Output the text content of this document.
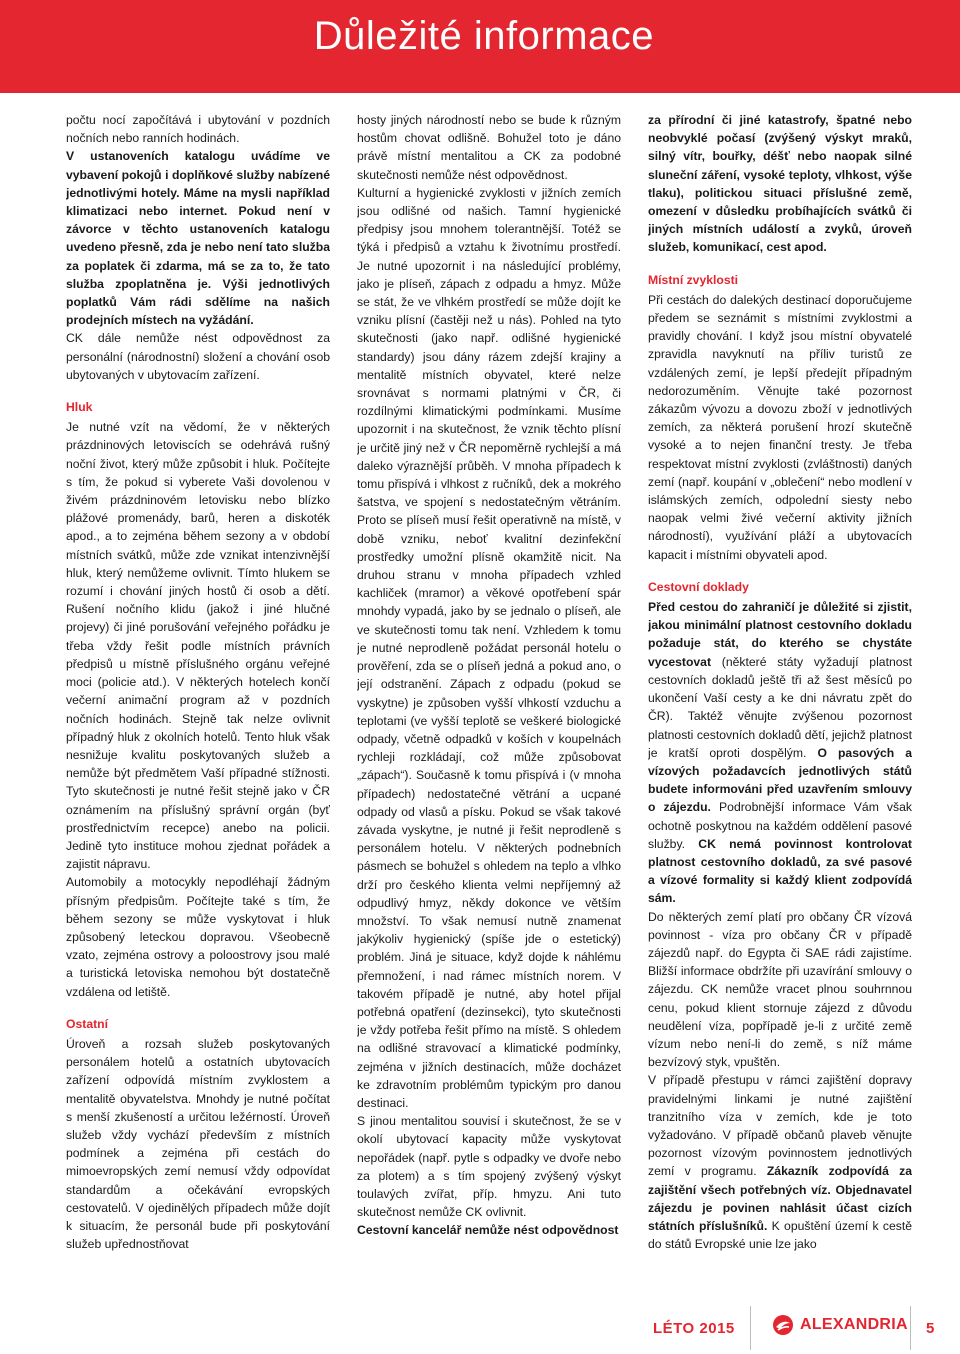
Důležité informace

počtu nocí započítává i ubytování v pozdních nočních nebo ranních hodinách.

V ustanoveních katalogu uvádíme ve vybavení pokojů i doplňkové služby nabízené jednotlivými hotely. Máme na mysli například klimatizaci nebo internet. Pokud není v závorce v těchto ustanoveních katalogu uvedeno přesně, zda je nebo není tato služba za poplatek či zdarma, má se za to, že tato služba zpoplatněna je. Výši jednotlivých poplatků Vám rádi sdělíme na našich prodejních místech na vyžádání.

CK dále nemůže nést odpovědnost za personální (národnostní) složení a chování osob ubytovaných v ubytovacím zařízení.

Hluk

Je nutné vzít na vědomí, že v některých prázdninových letoviscích se odehrává rušný noční život, který může způsobit i hluk. Počítejte s tím, že pokud si vyberete Vaši dovolenou v živém prázdninovém letovisku nebo blízko plážové promenády, barů, heren a diskoték apod., a to zejména během sezony a v období místních svátků, může zde vznikat intenzivnější hluk, který nemůžeme ovlivnit. Tímto hlukem se rozumí i chování jiných hostů či osob a dětí. Rušení nočního klidu (jakož i jiné hlučné projevy) či jiné porušování veřejného pořádku je třeba vždy řešit podle místních právních předpisů u místně příslušného orgánu veřejné moci (policie atd.). V některých hotelech končí večerní animační program až v pozdních nočních hodinách. Stejně tak nelze ovlivnit případný hluk z okolních hotelů. Tento hluk však nesnižuje kvalitu poskytovaných služeb a nemůže být předmětem Vaší případné stížnosti. Tyto skutečnosti je nutné řešit stejně jako v ČR oznámením na příslušný správní orgán (byť prostřednictvím recepce) anebo na policii. Jedině tyto instituce mohou zjednat pořádek a zajistit nápravu.

Automobily a motocykly nepodléhají žádným přísným předpisům. Počítejte také s tím, že během sezony se může vyskytovat i hluk způsobený leteckou dopravou. Všeobecně vzato, zejména ostrovy a poloostrovy jsou malé a turistická letoviska nemohou být dostatečně vzdálena od letiště.

Ostatní

Úroveň a rozsah služeb poskytovaných personálem hotelů a ostatních ubytovacích zařízení odpovídá místním zvyklostem a mentalitě obyvatelstva. Mnohdy je nutné počítat s menší zkušeností a určitou ležérností. Úroveň služeb vždy vychází především z místních podmínek a zejména při cestách do mimoevropských zemí nemusí vždy odpovídat standardům a očekávání evropských cestovatelů. V ojedinělých případech může dojít k situacím, že personál bude při poskytování služeb upřednostňovat

hosty jiných národností nebo se bude k různým hostům chovat odlišně. Bohužel toto je dáno právě místní mentalitou a CK za podobné skutečnosti nemůže nést odpovědnost.

Kulturní a hygienické zvyklosti v jižních zemích jsou odlišné od našich. Tamní hygienické předpisy jsou mnohem tolerantnější. Totéž se týká i předpisů a vztahu k životnímu prostředí. Je nutné upozornit i na následující problémy, jako je plíseň, zápach z odpadu a hmyz. Může se stát, že ve vlhkém prostředí se může dojít ke vzniku plísní (častěji než u nás). Pohled na tyto skutečnosti (jako např. odlišné hygienické standardy) jsou dány rázem zdejší krajiny a mentalitě místních obyvatel, které nelze srovnávat s normami platnými v ČR, či rozdílnými klimatickými podmínkami. Musíme upozornit i na skutečnost, že vznik těchto plísní je určitě jiný než v ČR nepoměrně rychlejší a má daleko výraznější průběh. V mnoha případech k tomu přispívá i vlhkost z ručníků, dek a mokrého šatstva, ve spojení s nedostatečným větráním. Proto se plíseň musí řešit operativně na místě, v době vzniku, neboť kvalitní dezinfekční prostředky umožní plísně okamžitě nicit. Na druhou stranu v mnoha případech vzhled kachliček (mramor) a věkové opotřebení spár mnohdy vypadá, jako by se jednalo o plíseň, ale ve skutečnosti tomu tak není. Vzhledem k tomu je nutné neprodleně požádat personál hotelu o prověření, zda se o plíseň jedná a pokud ano, o její odstranění. Zápach z odpadu (pokud se vyskytne) je způsoben vyšší vlhkostí vzduchu a teplotami (ve vyšší teplotě se veškeré biologické odpady, včetně odpadků v koších v koupelnách rychleji rozkládají, což může způsobovat „zápach“). Současně k tomu přispívá i (v mnoha případech) nedostatečné větrání a ucpané odpady od vlasů a písku. Pokud se však takové závada vyskytne, je nutné ji řešit neprodleně s personálem hotelu. V některých podnebních pásmech se bohužel s ohledem na teplo a vlhko drží pro českého klienta velmi nepříjemný až odpudlivý hmyz, někdy dokonce ve větším množství. To však nemusí nutně znamenat jakýkoliv hygienický (spíše jde o estetický) problém. Jiná je situace, když dojde k náhlému přemnožení, i nad rámec místních norem. V takovém případě je nutné, aby hotel přijal potřebná opatření (dezinsekci), tyto skutečnosti je vždy potřeba řešit přímo na místě. S ohledem na odlišné stravovací a klimatické podmínky, zejména v jižních destinacích, může docházet ke zdravotním problémům typickým pro danou destinaci.

S jinou mentalitou souvisí i skutečnost, že se v okolí ubytovací kapacity může vyskytovat nepořádek (např. pytle s odpadky ve dvoře nebo za plotem) a s tím spojený zvýšený výskyt toulavých zvířat, příp. hmyzu. Ani tuto skutečnost nemůže CK ovlivnit.

Cestovní kancelář nemůže nést odpovědnost

za přírodní či jiné katastrofy, špatné nebo neobvyklé počasí (zvýšený výskyt mraků, silný vítr, bouřky, déšť nebo naopak silné sluneční záření, vysoké teploty, vlhkost, výše tlaku), politickou situaci příslušné země, omezení v důsledku probíhajících svátků či jiných místních událostí a zvyků, úroveň služeb, komunikací, cest apod.

Místní zvyklosti

Při cestách do dalekých destinací doporučujeme předem se seznámit s místními zvyklostmi a pravidly chování. I když jsou místní obyvatelé zpravidla navyknutí na příliv turistů ze vzdálených zemí, je lepší předejít případným nedorozuměním. Věnujte také pozornost zákazům vývozu a dovozu zboží v jednotlivých zemích, za některá porušení hrozí skutečně vysoké a to nejen finanční tresty. Je třeba respektovat místní zvyklosti (zvláštnosti) daných zemí (např. koupání v „oblečení“ nebo modlení v islámských zemích, odpolední siesty nebo naopak velmi živé večerní aktivity jižních národností), využívání pláží a ubytovacích kapacit i místními obyvateli apod.

Cestovní doklady

Před cestou do zahraničí je důležité si zjistit, jakou minimální platnost cestovního dokladu požaduje stát, do kterého se chystáte vycestovat (některé státy vyžadují platnost cestovních dokladů ještě tři až šest měsíců po ukončení Vaší cesty a ke dni návratu zpět do ČR). Taktéž věnujte zvýšenou pozornost platnosti cestovních dokladů dětí, jejichž platnost je kratší oproti dospělým. O pasových a vízových požadavcích jednotlivých států budete informováni před uzavřením smlouvy o zájezdu. Podrobnější informace Vám však ochotně poskytnou na každém oddělení pasové služby. CK nemá povinnost kontrolovat platnost cestovního dokladů, za své pasové a vízové formality si každý klient zodpovídá sám.

Do některých zemí platí pro občany ČR vízová povinnost - víza pro občany ČR v případě zájezdů např. do Egypta či SAE rádi zajistíme. Bližší informace obdržíte při uzavírání smlouvy o zájezdu. CK nemůže vracet plnou souhrnnou cenu, pokud klient stornuje zájezd z důvodu neudělení víza, popřípadě je-li z určité země vízum nebo není-li do země, s níž máme bezvízový styk, vpuštěn.

V případě přestupu v rámci zajištění dopravy pravidelnými linkami je nutné zajištění tranzitního víza v zemích, kde je toto vyžadováno. V případě občanů plaveb věnujte pozornost vízovým povinnostem jednotlivých zemí v programu. Zákazník zodpovídá za zajištění všech potřebných víz. Objednavatel zájezdu je povinen nahlásit účast cizích státních příslušníků. K opuštění území k cestě do států Evropské unie lze jako

LÉTO 2015	ALEXANDRIA 5
